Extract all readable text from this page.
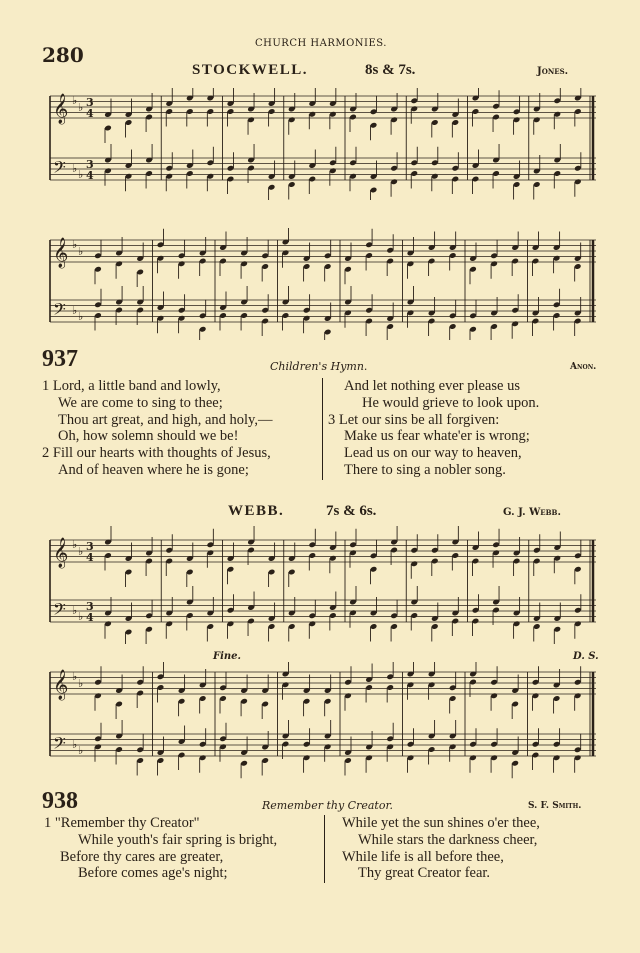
280	CHURCH HARMONIES.
STOCKWELL.	8s & 7s.	Jones.
𝄞
𝄢
♭
♭
♭ ♭
3
4
3
4
𝄞
𝄢
♭
♭
♭ ♭
937	Children's Hymn.	Anon.
1 Lord, a little band and lowly,
We are come to sing to thee;
Thou art great, and high, and holy,—
Oh, how solemn should we be!
2 Fill our hearts with thoughts of Jesus,
And of heaven where he is gone;
And let nothing ever please us
He would grieve to look upon.
3 Let our sins be all forgiven:
Make us fear whate'er is wrong;
Lead us on our way to heaven,
There to sing a nobler song.
WEBB.	7s & 6s.	G. J. Webb.
𝄞
𝄢
♭
♭
♭ ♭
3
4
3
4
Fine.	D. S.
𝄞
𝄢
♭
♭
♭ ♭
938	Remember thy Creator.	S. F. Smith.
1 "Remember thy Creator"
While youth's fair spring is bright,
Before thy cares are greater,
Before comes age's night;
While yet the sun shines o'er thee,
While stars the darkness cheer,
While life is all before thee,
Thy great Creator fear.
